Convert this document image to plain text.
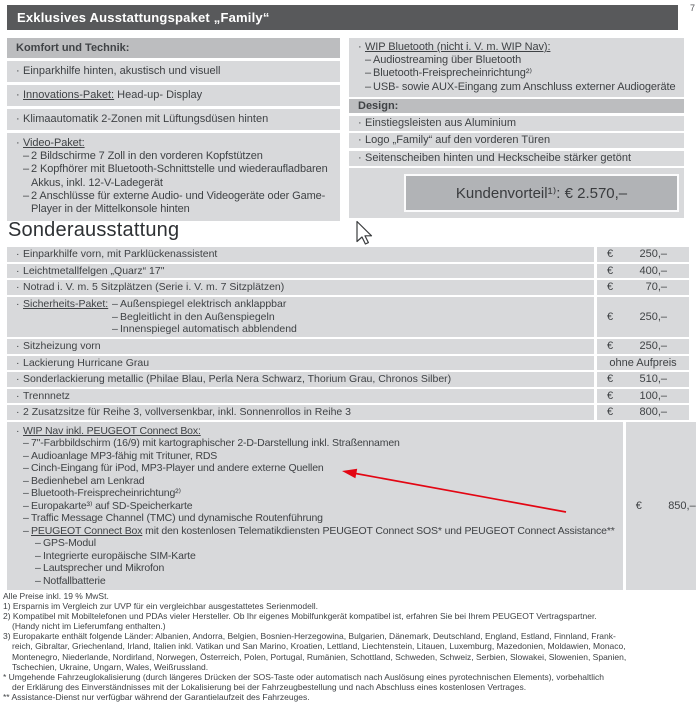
7
Exklusives Ausstattungspaket „Family“
Komfort und Technik:
· Einparkhilfe hinten, akustisch und visuell
· Innovations-Paket: Head-up- Display
· Klimaautomatik 2-Zonen mit Lüftungsdüsen hinten
· Video-Paket:
– 2 Bildschirme 7 Zoll in den vorderen Kopfstützen
– 2 Kopfhörer mit Bluetooth-Schnittstelle und wiederaufladbaren Akkus, inkl. 12-V-Ladegerät
– 2 Anschlüsse für externe Audio- und Videogeräte oder Game-Player in der Mittelkonsole hinten
· WIP Bluetooth (nicht i. V. m. WIP Nav):
– Audiostreaming über Bluetooth
– Bluetooth-Freisprecheinrichtung²⁾
– USB- sowie AUX-Eingang zum Anschluss externer Audiogeräte
Design:
· Einstiegsleisten aus Aluminium
· Logo „Family“ auf den vorderen Türen
· Seitenscheiben hinten und Heckscheibe stärker getönt
Kundenvorteil¹⁾: € 2.570,–
Sonderausstattung
· Einparkhilfe vorn, mit Parklückenassistent	€ 250,–
· Leichtmetallfelgen „Quarz“ 17"	€ 400,–
· Notrad i. V. m. 5 Sitzplätzen (Serie i. V. m. 7 Sitzplätzen)	€	70,–
· Sicherheits-Paket: – Außenspiegel elektrisch anklappbar
– Begleitlicht in den Außenspiegeln
– Innenspiegel automatisch abblendend
€ 250,–
· Sitzheizung vorn	€ 250,–
· Lackierung Hurricane Grau	ohne Aufpreis
· Sonderlackierung metallic (Philae Blau, Perla Nera Schwarz, Thorium Grau, Chronos Silber)	€ 510,–
· Trennnetz	€ 100,–
· 2 Zusatzsitze für Reihe 3, vollversenkbar, inkl. Sonnenrollos in Reihe 3	€ 800,–
· WIP Nav inkl. PEUGEOT Connect Box:
– 7"-Farbbildschirm (16/9) mit kartographischer 2-D-Darstellung inkl. Straßennamen
– Audioanlage MP3-fähig mit Trituner, RDS
– Cinch-Eingang für iPod, MP3-Player und andere externe Quellen
– Bedienhebel am Lenkrad
– Bluetooth-Freisprecheinrichtung²⁾
– Europakarte³⁾ auf SD-Speicherkarte
– Traffic Message Channel (TMC) und dynamische Routenführung
– PEUGEOT Connect Box mit den kostenlosen Telematikdiensten PEUGEOT Connect SOS* und PEUGEOT Connect Assistance**
– GPS-Modul
– Integrierte europäische SIM-Karte
– Lautsprecher und Mikrofon
– Notfallbatterie
€ 850,–
Alle Preise inkl. 19 % MwSt.
1) Ersparnis im Vergleich zur UVP für ein vergleichbar ausgestattetes Serienmodell.
2) Kompatibel mit Mobiltelefonen und PDAs vieler Hersteller. Ob Ihr eigenes Mobilfunkgerät kompatibel ist, erfahren Sie bei Ihrem PEUGEOT Vertragspartner.
(Handy nicht im Lieferumfang enthalten.)
3) Europakarte enthält folgende Länder: Albanien, Andorra, Belgien, Bosnien-Herzegowina, Bulgarien, Dänemark, Deutschland, England, Estland, Finnland, Frank-
reich, Gibraltar, Griechenland, Irland, Italien inkl. Vatikan und San Marino, Kroatien, Lettland, Liechtenstein, Litauen, Luxemburg, Mazedonien, Moldawien, Monaco,
Montenegro, Niederlande, Nordirland, Norwegen, Österreich, Polen, Portugal, Rumänien, Schottland, Schweden, Schweiz, Serbien, Slowakei, Slowenien, Spanien,
Tschechien, Ukraine, Ungarn, Wales, Weißrussland.
* Umgehende Fahrzeuglokalisierung (durch längeres Drücken der SOS-Taste oder automatisch nach Auslösung eines pyrotechnischen Elements), vorbehaltlich
der Erklärung des Einverständnisses mit der Lokalisierung bei der Fahrzeugbestellung und nach Abschluss eines kostenlosen Vertrages.
** Assistance-Dienst nur verfügbar während der Garantielaufzeit des Fahrzeuges.
